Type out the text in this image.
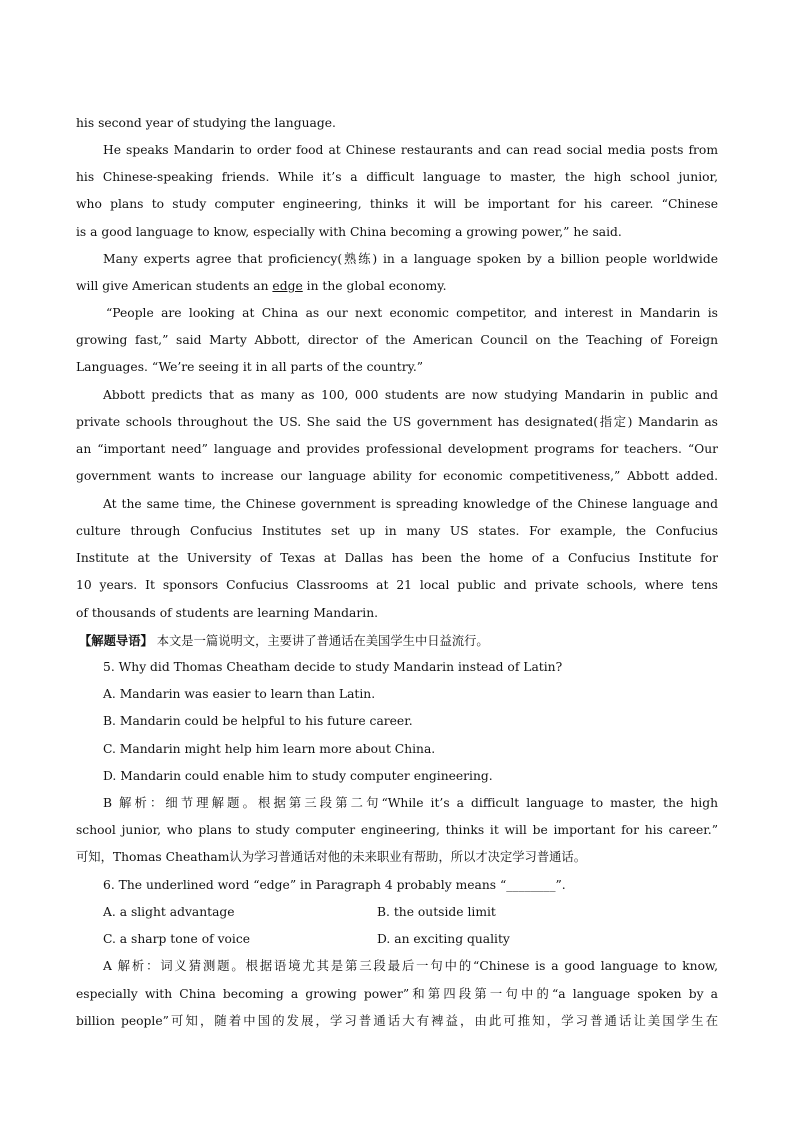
his second year of studying the language.
He speaks Mandarin to order food at Chinese restaurants and can read social media posts from
his Chinese-speaking friends. While it’s a difficult language to master, the high school junior,
who plans to study computer engineering, thinks it will be important for his career. “Chinese
is a good language to know, especially with China becoming a growing power,” he said.
Many experts agree that proficiency(熟练) in a language spoken by a billion people worldwide
will give American students an edge in the global economy.
“People are looking at China as our next economic competitor, and interest in Mandarin is
growing fast,” said Marty Abbott, director of the American Council on the Teaching of Foreign
Languages. “We’re seeing it in all parts of the country.”
Abbott predicts that as many as 100, 000 students are now studying Mandarin in public and
private schools throughout the US. She said the US government has designated(指定) Mandarin as
an “important need” language and provides professional development programs for teachers. “Our
government wants to increase our language ability for economic competitiveness,” Abbott added.
At the same time, the Chinese government is spreading knowledge of the Chinese language and
culture through Confucius Institutes set up in many US states. For example, the Confucius
Institute at the University of Texas at Dallas has been the home of a Confucius Institute for
10 years. It sponsors Confucius Classrooms at 21 local public and private schools, where tens
of thousands of students are learning Mandarin.
【解题导语】 本文是一篇说明文，主要讲了普通话在美国学生中日益流行。
5. Why did Thomas Cheatham decide to study Mandarin instead of Latin?
A. Mandarin was easier to learn than Latin.
B. Mandarin could be helpful to his future career.
C. Mandarin might help him learn more about China.
D. Mandarin could enable him to study computer engineering.
B 解析：细节理解题。根据第三段第二句“While it’s a difficult language to master, the high
school junior, who plans to study computer engineering, thinks it will be important for his career.”
可知，Thomas Cheatham认为学习普通话对他的未来职业有帮助，所以才决定学习普通话。
6. The underlined word “edge” in Paragraph 4 probably means “________”.
A. a slight advantage	B. the outside limit
C. a sharp tone of voice	D. an exciting quality
A 解析：词义猜测题。根据语境尤其是第三段最后一句中的“Chinese is a good language to know,
especially with China becoming a growing power”和第四段第一句中的“a language spoken by a
billion people”可知，随着中国的发展，学习普通话大有裨益，由此可推知，学习普通话让美国学生在
